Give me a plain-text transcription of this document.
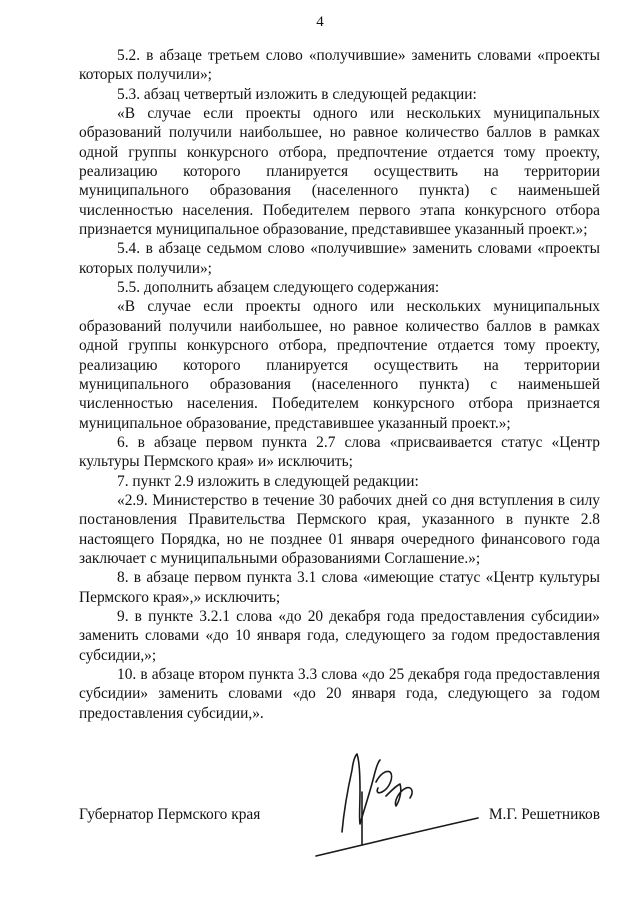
4

5.2. в абзаце третьем слово «получившие» заменить словами «проекты которых получили»;

5.3. абзац четвертый изложить в следующей редакции:

«В случае если проекты одного или нескольких муниципальных образований получили наибольшее, но равное количество баллов в рамках одной группы конкурсного отбора, предпочтение отдается тому проекту, реализацию которого планируется осуществить на территории муниципального образования (населенного пункта) с наименьшей численностью населения. Победителем первого этапа конкурсного отбора признается муниципальное образование, представившее указанный проект.»;

5.4. в абзаце седьмом слово «получившие» заменить словами «проекты которых получили»;

5.5. дополнить абзацем следующего содержания:

«В случае если проекты одного или нескольких муниципальных образований получили наибольшее, но равное количество баллов в рамках одной группы конкурсного отбора, предпочтение отдается тому проекту, реализацию которого планируется осуществить на территории муниципального образования (населенного пункта) с наименьшей численностью населения. Победителем конкурсного отбора признается муниципальное образование, представившее указанный проект.»;

6. в абзаце первом пункта 2.7 слова «присваивается статус «Центр культуры Пермского края» и» исключить;

7. пункт 2.9 изложить в следующей редакции:

«2.9. Министерство в течение 30 рабочих дней со дня вступления в силу постановления Правительства Пермского края, указанного в пункте 2.8 настоящего Порядка, но не позднее 01 января очередного финансового года заключает с муниципальными образованиями Соглашение.»;

8. в абзаце первом пункта 3.1 слова «имеющие статус «Центр культуры Пермского края»,» исключить;

9. в пункте 3.2.1 слова «до 20 декабря года предоставления субсидии» заменить словами «до 10 января года, следующего за годом предоставления субсидии,»;

10. в абзаце втором пункта 3.3 слова «до 25 декабря года предоставления субсидии» заменить словами «до 20 января года, следующего за годом предоставления субсидии,».

Губернатор Пермского края	М.Г. Решетников
